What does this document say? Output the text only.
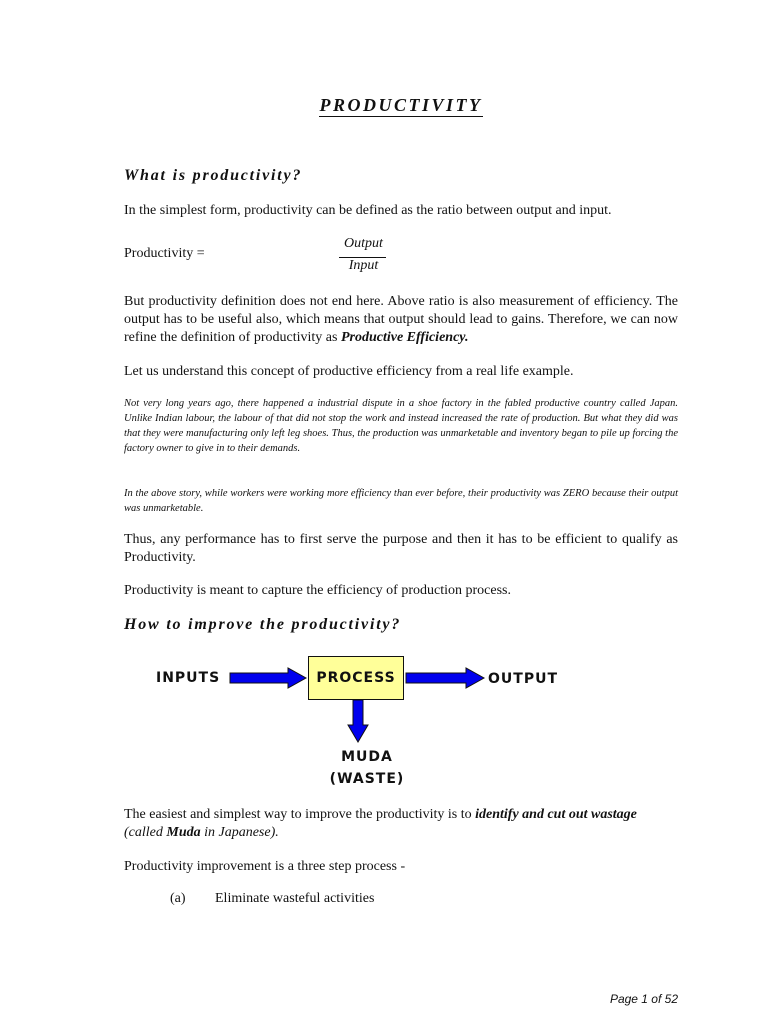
PRODUCTIVITY
What is productivity?
In the simplest form, productivity can be defined as the ratio between output and input.
Productivity =
Output
Input
But productivity definition does not end here. Above ratio is also measurement of efficiency. The output has to be useful also, which means that output should lead to gains. Therefore, we can now refine the definition of productivity as Productive Efficiency.
Let us understand this concept of productive efficiency from a real life example.
Not very long years ago, there happened a industrial dispute in a shoe factory in the fabled productive country called Japan. Unlike Indian labour, the labour of that did not stop the work and instead increased the rate of production. But what they did was that they were manufacturing only left leg shoes. Thus, the production was unmarketable and inventory began to pile up forcing the factory owner to give in to their demands.
In the above story, while workers were working more efficiency than ever before, their productivity was ZERO because their output was unmarketable.
Thus, any performance has to first serve the purpose and then it has to be efficient to qualify as Productivity.
Productivity is meant to capture the efficiency of production process.
How to improve the productivity?
INPUTS	PROCESS	OUTPUT
MUDA
(WASTE)
The easiest and simplest way to improve the productivity is to identify and cut out wastage
(called Muda in Japanese).
Productivity improvement is a three step process -
(a)	Eliminate wasteful activities
Page 1 of 52
